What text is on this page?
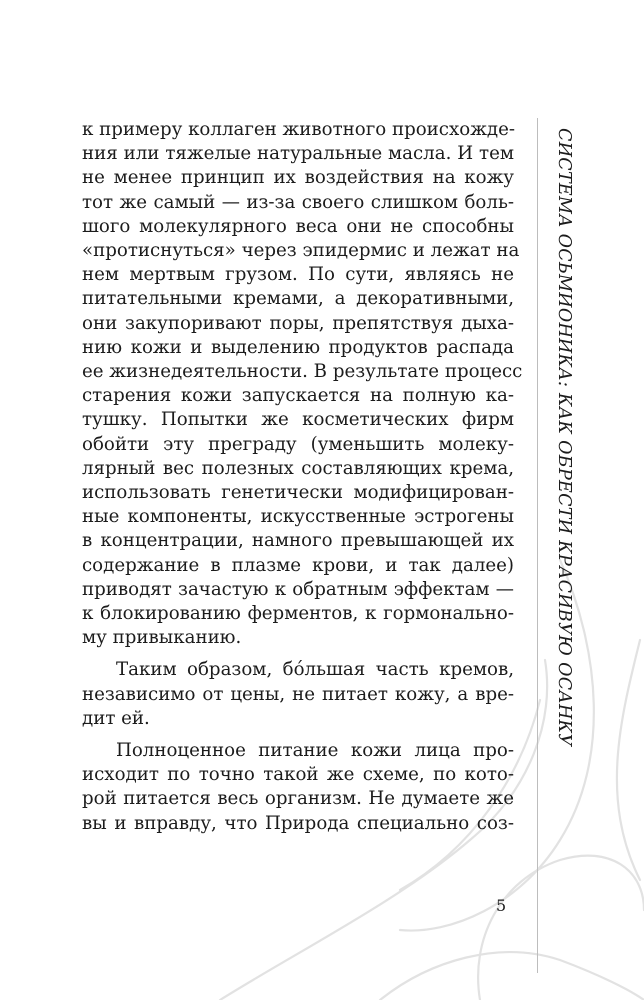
к примеру коллаген животного происхожде-
ния или тяжелые натуральные масла. И тем
не менее принцип их воздействия на кожу
тот же самый — из-за своего слишком боль-
шого молекулярного веса они не способны
«протиснуться» через эпидермис и лежат на
нем мертвым грузом. По сути, являясь не
питательными кремами, а декоративными,
они закупоривают поры, препятствуя дыха-
нию кожи и выделению продуктов распада
ее жизнедеятельности. В результате процесс
старения кожи запускается на полную ка-
тушку. Попытки же косметических фирм
обойти эту преграду (уменьшить молеку-
лярный вес полезных составляющих крема,
использовать генетически модифицирован-
ные компоненты, искусственные эстрогены
в концентрации, намного превышающей их
содержание в плазме крови, и так далее)
приводят зачастую к обратным эффектам —
к блокированию ферментов, к гормонально-
му привыканию.

Таким образом, бóльшая часть кремов,
независимо от цены, не питает кожу, а вре-
дит ей.

Полноценное питание кожи лица про-
исходит по точно такой же схеме, по кото-
рой питается весь организм. Не думаете же
вы и вправду, что Природа специально соз-

СИСТЕМА ОСЬМИОНИКА: КАК ОБРЕСТИ КРАСИВУЮ ОСАНКУ
5
